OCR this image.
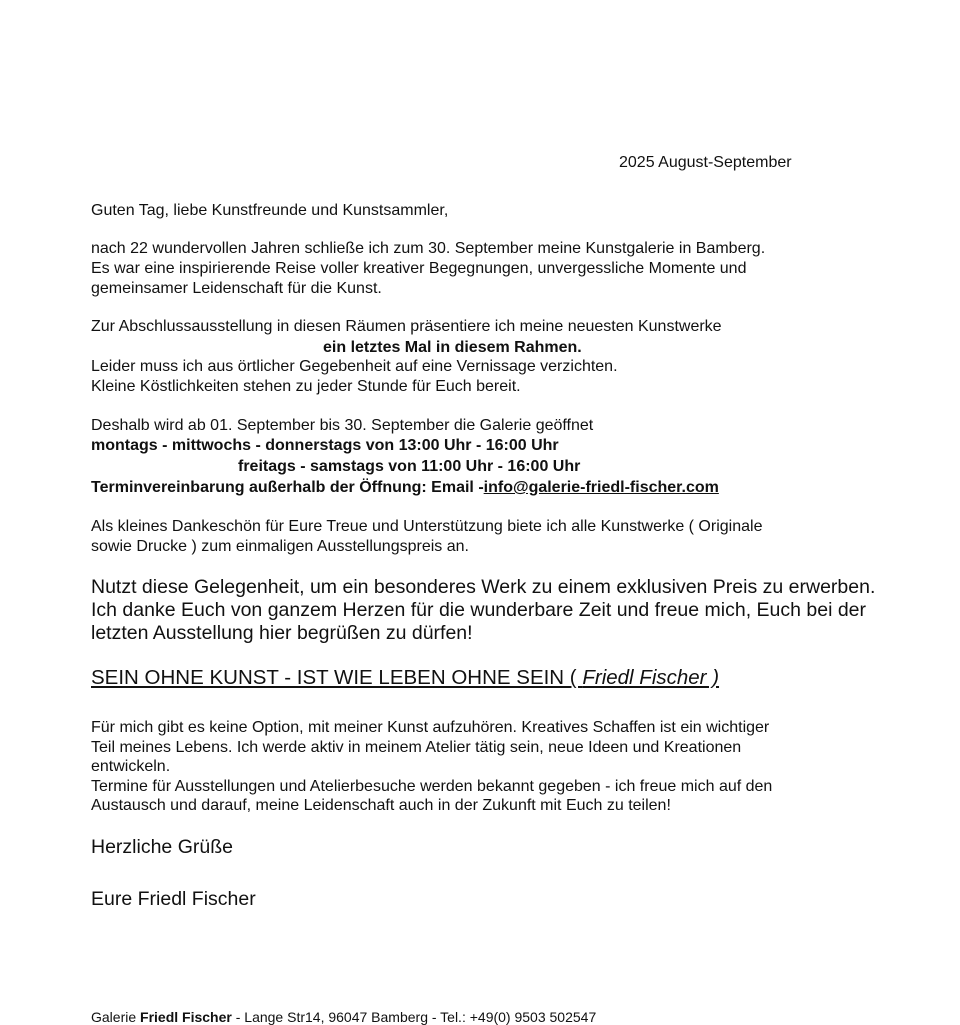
2025 August-September
Guten Tag, liebe Kunstfreunde und Kunstsammler,
nach 22 wundervollen Jahren schließe ich zum 30. September meine Kunstgalerie in Bamberg.
Es war eine inspirierende Reise voller kreativer Begegnungen, unvergessliche Momente und
gemeinsamer Leidenschaft für die Kunst.
Zur Abschlussausstellung in diesen Räumen präsentiere ich meine neuesten Kunstwerke
ein letztes Mal in diesem Rahmen.
Leider muss ich aus örtlicher Gegebenheit auf eine Vernissage verzichten.
Kleine Köstlichkeiten stehen zu jeder Stunde für Euch bereit.
Deshalb wird ab 01. September bis 30. September die Galerie geöffnet
montags - mittwochs - donnerstags von 13:00 Uhr - 16:00 Uhr
freitags - samstags von 11:00 Uhr - 16:00 Uhr
Terminvereinbarung außerhalb der Öffnung: Email -info@galerie-friedl-fischer.com
Als kleines Dankeschön für Eure Treue und Unterstützung biete ich alle Kunstwerke ( Originale
sowie Drucke ) zum einmaligen Ausstellungspreis an.
Nutzt diese Gelegenheit, um ein besonderes Werk zu einem exklusiven Preis zu erwerben.
Ich danke Euch von ganzem Herzen für die wunderbare Zeit und freue mich, Euch bei der
letzten Ausstellung hier begrüßen zu dürfen!
SEIN OHNE KUNST - IST WIE LEBEN OHNE SEIN ( Friedl Fischer )
Für mich gibt es keine Option, mit meiner Kunst aufzuhören. Kreatives Schaffen ist ein wichtiger
Teil meines Lebens. Ich werde aktiv in meinem Atelier tätig sein, neue Ideen und Kreationen
entwickeln.
Termine für Ausstellungen und Atelierbesuche werden bekannt gegeben - ich freue mich auf den
Austausch und darauf, meine Leidenschaft auch in der Zukunft mit Euch zu teilen!
Herzliche Grüße
Eure Friedl Fischer
Galerie Friedl Fischer - Lange Str14, 96047 Bamberg - Tel.: +49(0) 9503 502547
